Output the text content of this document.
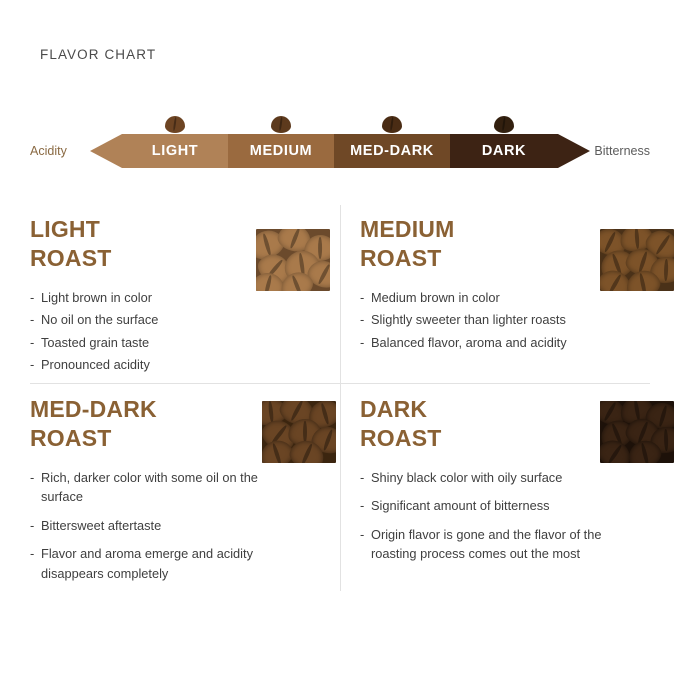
FLAVOR CHART
Acidity	Bitterness
LIGHT	MEDIUM	MED-DARK	DARK
LIGHT
ROAST
- Light brown in color
- No oil on the surface
- Toasted grain taste
- Pronounced acidity
MEDIUM
ROAST
- Medium brown in color
- Slightly sweeter than lighter roasts
- Balanced flavor, aroma and acidity
MED-DARK
ROAST
- Rich, darker color with some oil on the surface
- Bittersweet aftertaste
- Flavor and aroma emerge and acidity disappears completely
DARK
ROAST
- Shiny black color with oily surface
- Significant amount of bitterness
- Origin flavor is gone and the flavor of the roasting process comes out the most
